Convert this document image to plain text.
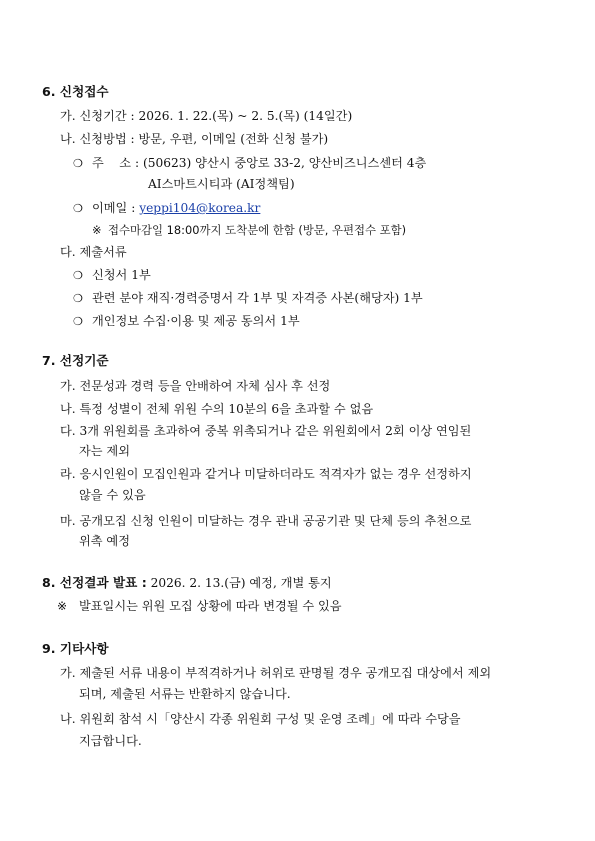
6. 신청접수
가. 신청기간 : 2026. 1. 22.(목) ~ 2. 5.(목) (14일간)
나. 신청방법 : 방문, 우편, 이메일 (전화 신청 불가)
❍ 주    소 : (50623) 양산시 중앙로 33-2, 양산비즈니스센터 4층
AI스마트시티과 (AI정책팀)
❍ 이메일 : yeppi104@korea.kr
※ 접수마감일 18:00까지 도착분에 한함 (방문, 우편접수 포함)
다. 제출서류
❍ 신청서 1부
❍ 관련 분야 재직·경력증명서 각 1부 및 자격증 사본(해당자) 1부
❍ 개인정보 수집·이용 및 제공 동의서 1부
7. 선정기준
가. 전문성과 경력 등을 안배하여 자체 심사 후 선정
나. 특정 성별이 전체 위원 수의 10분의 6을 초과할 수 없음
다. 3개 위원회를 초과하여 중복 위촉되거나 같은 위원회에서 2회 이상 연임된
자는 제외
라. 응시인원이 모집인원과 같거나 미달하더라도 적격자가 없는 경우 선정하지
않을 수 있음
마. 공개모집 신청 인원이 미달하는 경우 관내 공공기관 및 단체 등의 추천으로
위촉 예정
8. 선정결과 발표 : 2026. 2. 13.(금) 예정, 개별 통지
※ 발표일시는 위원 모집 상황에 따라 변경될 수 있음
9. 기타사항
가. 제출된 서류 내용이 부적격하거나 허위로 판명될 경우 공개모집 대상에서 제외
되며, 제출된 서류는 반환하지 않습니다.
나. 위원회 참석 시「양산시 각종 위원회 구성 및 운영 조례」에 따라 수당을
지급합니다.
